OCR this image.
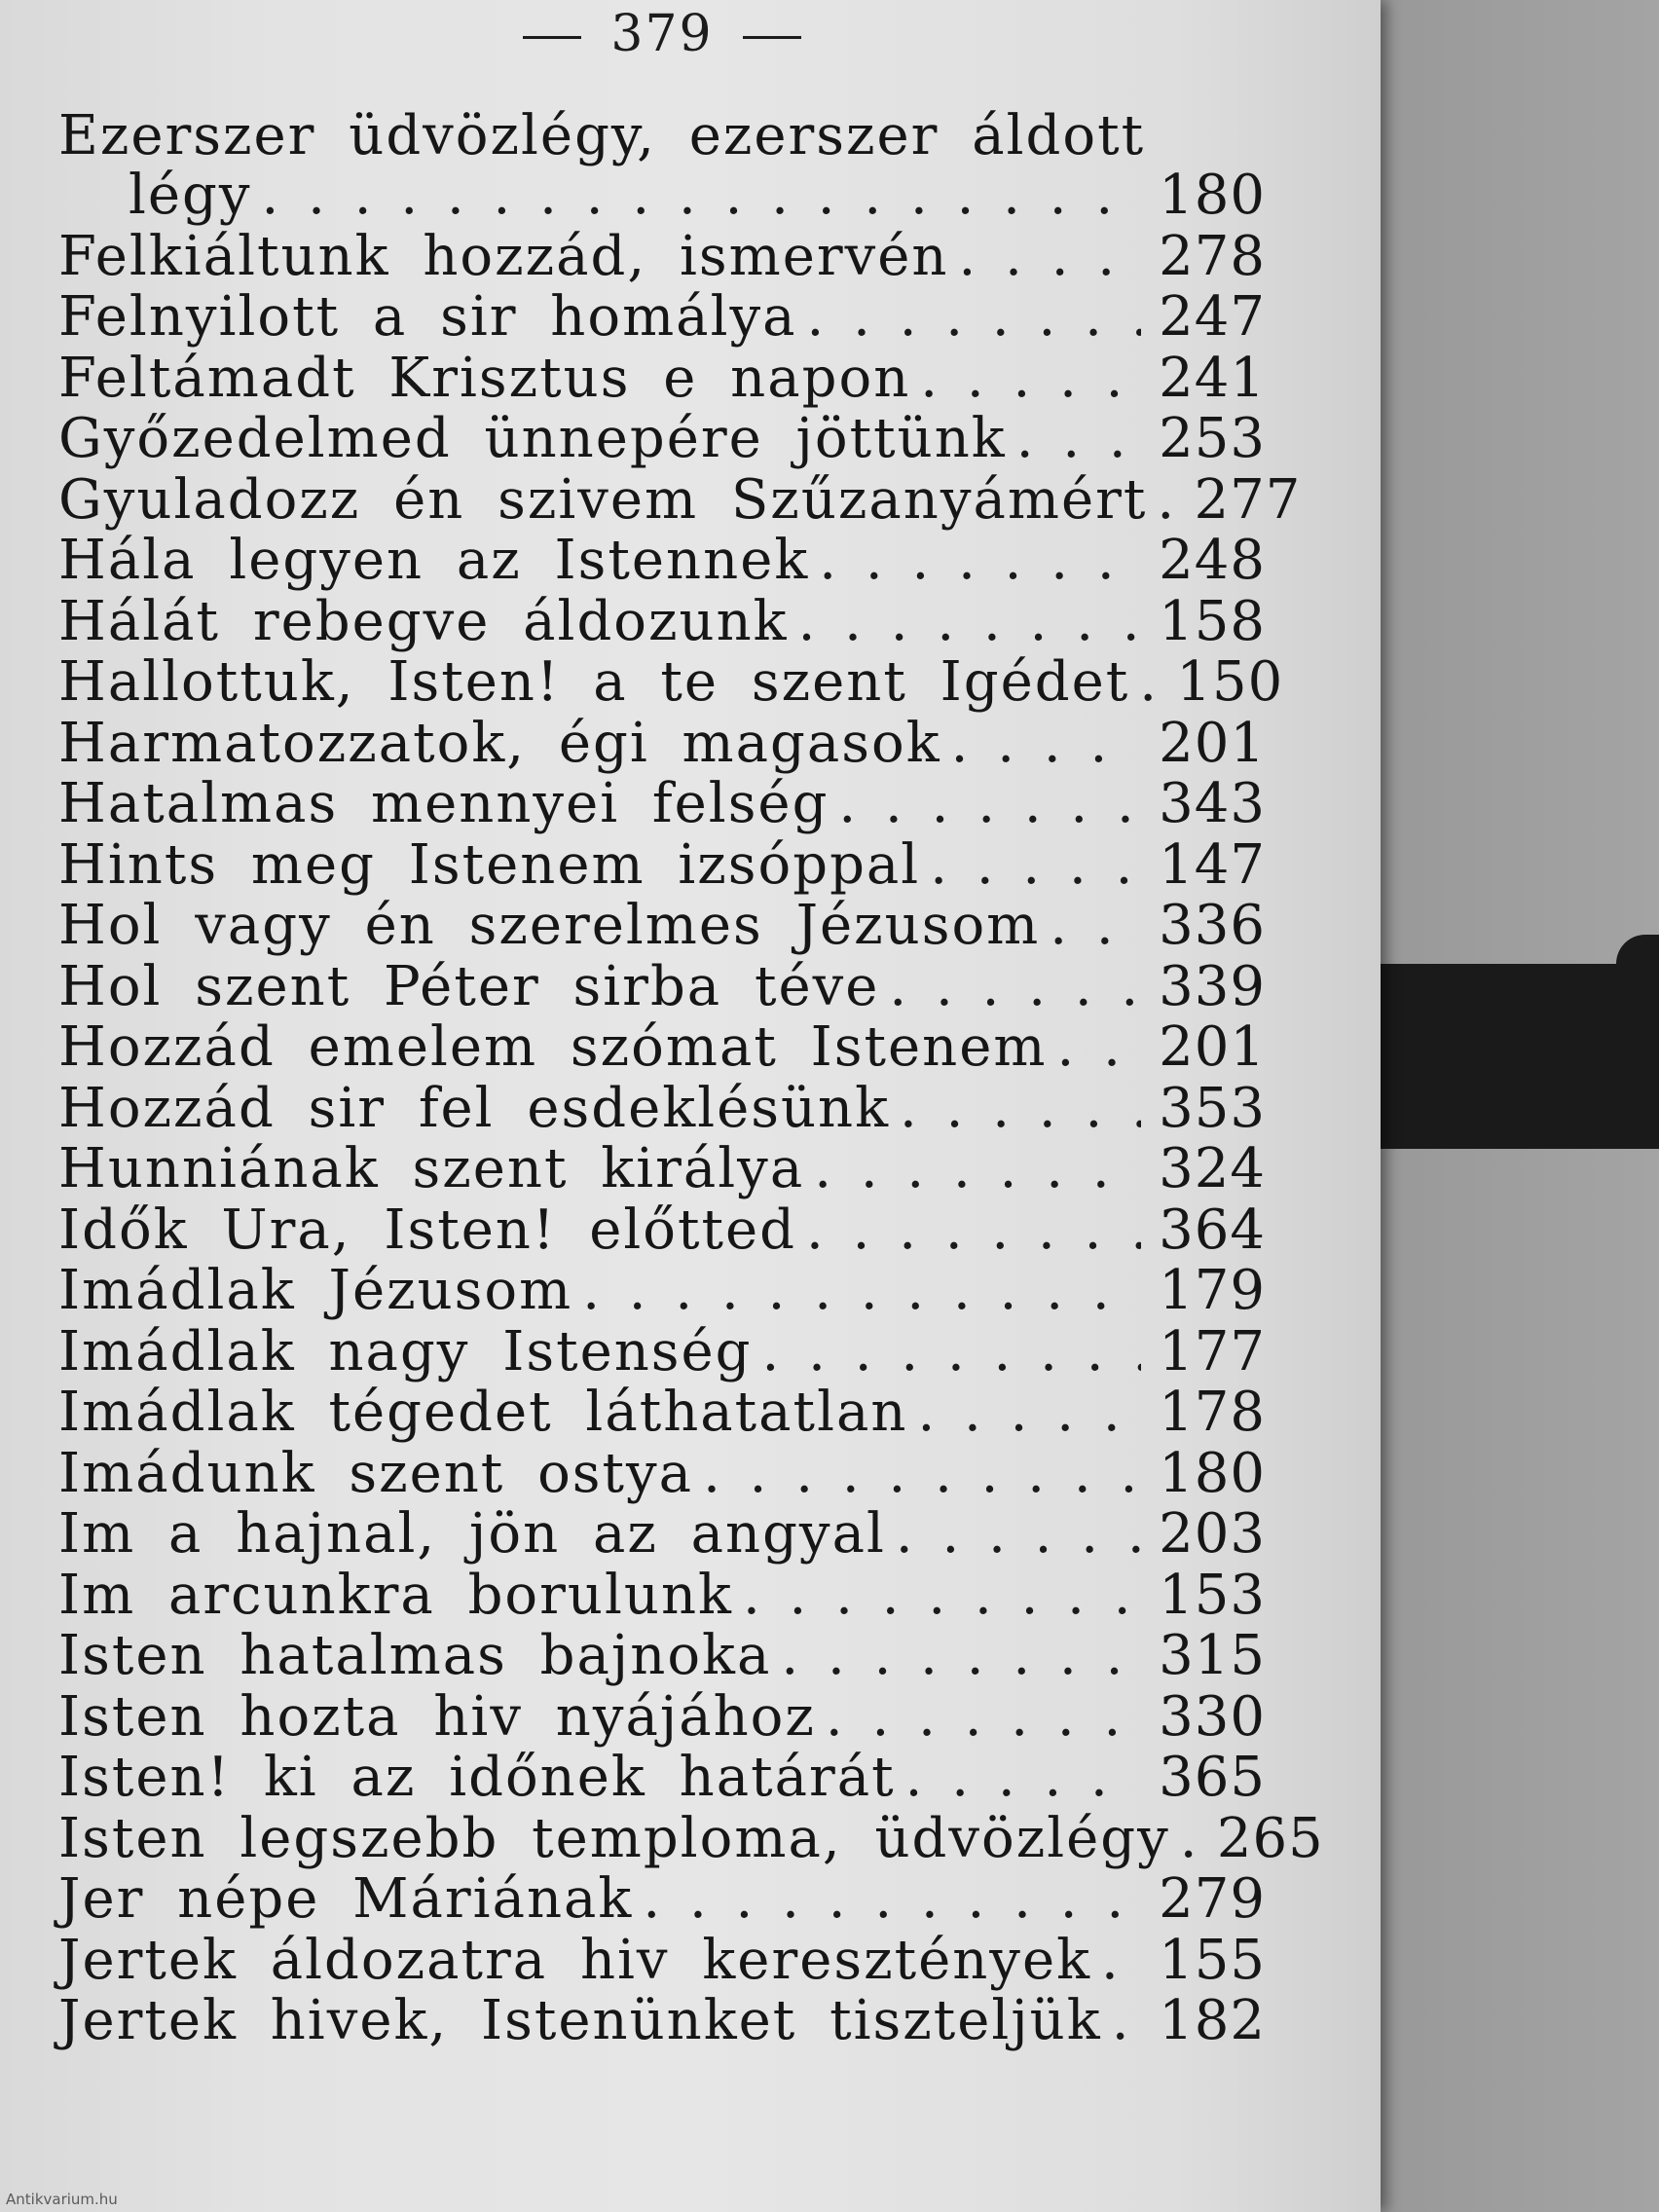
379
Ezerszer üdvözlégy, ezerszer áldott
légy . . .	180
Felkiáltunk hozzád, ismervén . . .	278
Felnyilott a sir homálya . . .	247
Feltámadt Krisztus e napon . . .	241
Győzedelmed ünnepére jöttünk . . .	253
Gyuladozz én szivem Szűzanyámért . . . 277
Hála legyen az Istennek . . .	248
Hálát rebegve áldozunk . . .	158
Hallottuk, Isten! a te szent Igédet . . . 150
Harmatozzatok, égi magasok . . .	201
Hatalmas mennyei felség . . .	343
Hints meg Istenem izsóppal . . .	147
Hol vagy én szerelmes Jézusom . . .	336
Hol szent Péter sirba téve . . .	339
Hozzád emelem szómat Istenem . . .	201
Hozzád sir fel esdeklésünk . . .	353
Hunniának szent királya . . .	324
Idők Ura, Isten! előtted . . .	364
Imádlak Jézusom . . .	179
Imádlak nagy Istenség . . .	177
Imádlak tégedet láthatatlan . . .	178
Imádunk szent ostya . . .	180
Im a hajnal, jön az angyal . . .	203
Im arcunkra borulunk . . .	153
Isten hatalmas bajnoka . . .	315
Isten hozta hiv nyájához . . .	330
Isten! ki az időnek határát . . .	365
Isten legszebb temploma, üdvözlégy . . . 265
Jer népe Máriának . . .	279
Jertek áldozatra hiv keresztények . . .	155
Jertek hivek, Istenünket tiszteljük . . .	182
Antikvarium.hu
